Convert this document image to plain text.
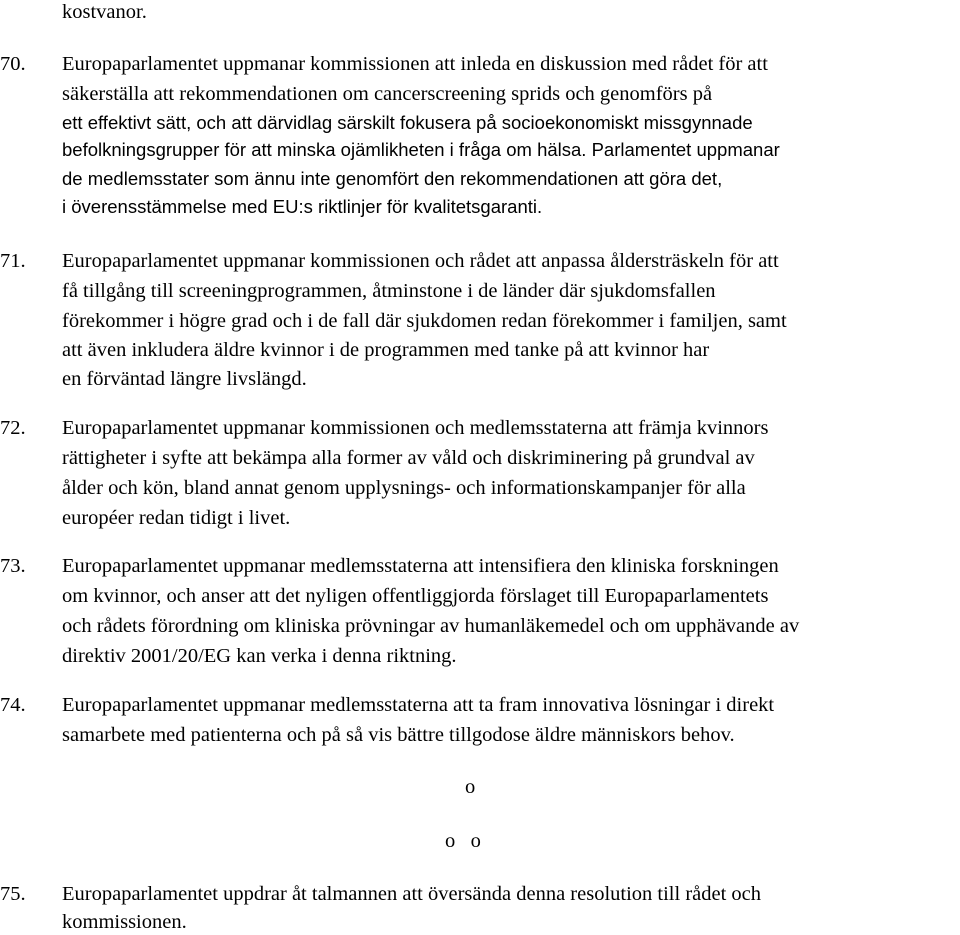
kostvanor.
70. Europaparlamentet uppmanar kommissionen att inleda en diskussion med rådet för att
säkerställa att rekommendationen om cancerscreening sprids och genomförs på
ett effektivt sätt, och att därvidlag särskilt fokusera på socioekonomiskt missgynnade
befolkningsgrupper för att minska ojämlikheten i fråga om hälsa. Parlamentet uppmanar
de medlemsstater som ännu inte genomfört den rekommendationen att göra det,
i överensstämmelse med EU:s riktlinjer för kvalitetsgaranti.
71. Europaparlamentet uppmanar kommissionen och rådet att anpassa åldersträskeln för att
få tillgång till screeningprogrammen, åtminstone i de länder där sjukdomsfallen
förekommer i högre grad och i de fall där sjukdomen redan förekommer i familjen, samt
att även inkludera äldre kvinnor i de programmen med tanke på att kvinnor har
en förväntad längre livslängd.
72. Europaparlamentet uppmanar kommissionen och medlemsstaterna att främja kvinnors
rättigheter i syfte att bekämpa alla former av våld och diskriminering på grundval av
ålder och kön, bland annat genom upplysnings- och informationskampanjer för alla
européer redan tidigt i livet.
73. Europaparlamentet uppmanar medlemsstaterna att intensifiera den kliniska forskningen
om kvinnor, och anser att det nyligen offentliggjorda förslaget till Europaparlamentets
och rådets förordning om kliniska prövningar av humanläkemedel och om upphävande av
direktiv 2001/20/EG kan verka i denna riktning.
74. Europaparlamentet uppmanar medlemsstaterna att ta fram innovativa lösningar i direkt
samarbete med patienterna och på så vis bättre tillgodose äldre människors behov.
o
o   o
75. Europaparlamentet uppdrar åt talmannen att översända denna resolution till rådet och
kommissionen.
